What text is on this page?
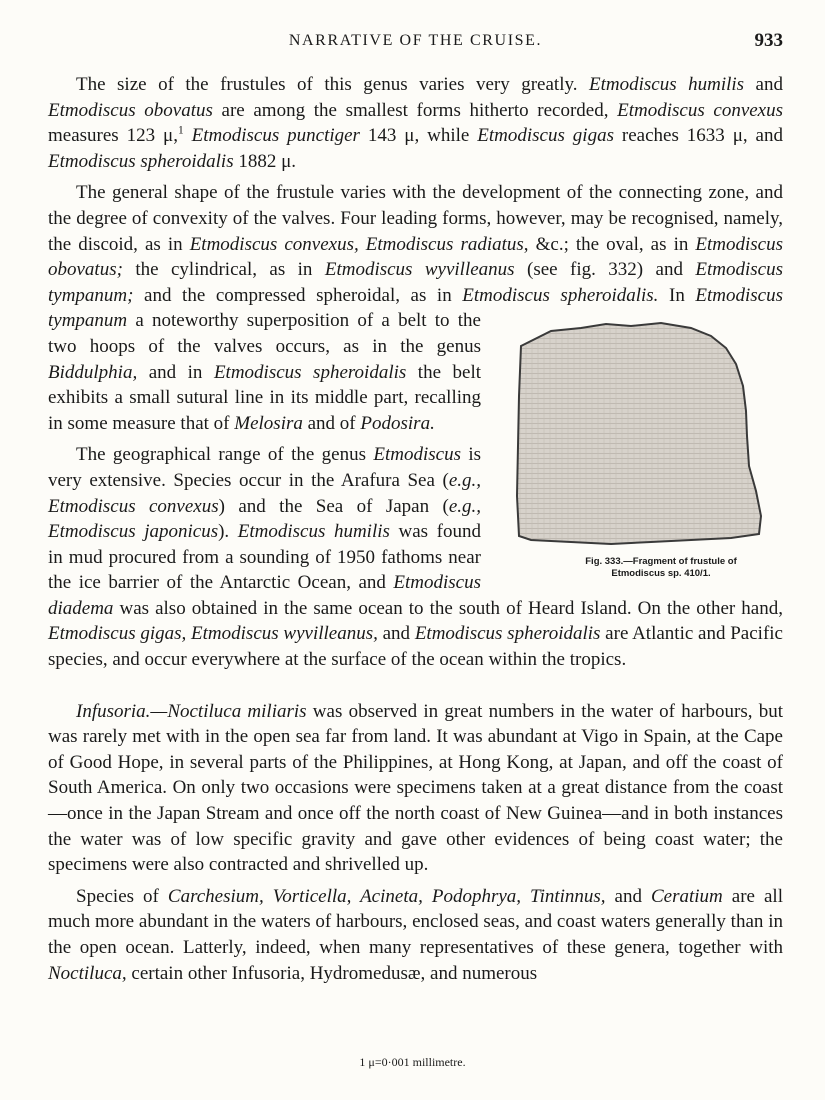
NARRATIVE OF THE CRUISE.	933

The size of the frustules of this genus varies very greatly. Etmodiscus humilis and Etmodiscus obovatus are among the smallest forms hitherto recorded, Etmodiscus convexus measures 123 μ,$^1$ Etmodiscus punctiger 143 μ, while Etmodiscus gigas reaches 1633 μ, and Etmodiscus spheroidalis 1882 μ.

The general shape of the frustule varies with the development of the connecting zone, and the degree of convexity of the valves. Four leading forms, however, may be recognised, namely, the discoid, as in Etmodiscus convexus, Etmodiscus radiatus, &c.; the oval, as in Etmodiscus obovatus; the cylindrical, as in Etmodiscus wyvilleanus (see fig. 332) and Etmodiscus tympanum; and the compressed spheroidal, as in Etmodiscus spheroidalis.
Fig. 333.—Fragment of frustule of
Etmodiscus sp. 410/1.
In Etmodiscus tympanum a noteworthy superposition of a belt to the two hoops of the valves occurs, as in the genus Biddulphia, and in Etmodiscus spheroidalis the belt exhibits a small sutural line in its middle part, recalling in some measure that of Melosira and of Podosira.

The geographical range of the genus Etmodiscus is very extensive. Species occur in the Arafura Sea (e.g., Etmodiscus convexus) and the Sea of Japan (e.g., Etmodiscus japonicus). Etmodiscus humilis was found in mud procured from a sounding of 1950 fathoms near the ice barrier of the Antarctic Ocean, and Etmodiscus diadema was also obtained in the same ocean to the south of Heard Island. On the other hand, Etmodiscus gigas, Etmodiscus wyvilleanus, and Etmodiscus spheroidalis are Atlantic and Pacific species, and occur everywhere at the surface of the ocean within the tropics.

Infusoria.—Noctiluca miliaris was observed in great numbers in the water of harbours, but was rarely met with in the open sea far from land. It was abundant at Vigo in Spain, at the Cape of Good Hope, in several parts of the Philippines, at Hong Kong, at Japan, and off the coast of South America. On only two occasions were specimens taken at a great distance from the coast—once in the Japan Stream and once off the north coast of New Guinea—and in both instances the water was of low specific gravity and gave other evidences of being coast water; the specimens were also contracted and shrivelled up.

Species of Carchesium, Vorticella, Acineta, Podophrya, Tintinnus, and Ceratium are all much more abundant in the waters of harbours, enclosed seas, and coast waters generally than in the open ocean. Latterly, indeed, when many representatives of these genera, together with Noctiluca, certain other Infusoria, Hydromedusæ, and numerous

1 μ=0·001 millimetre.
